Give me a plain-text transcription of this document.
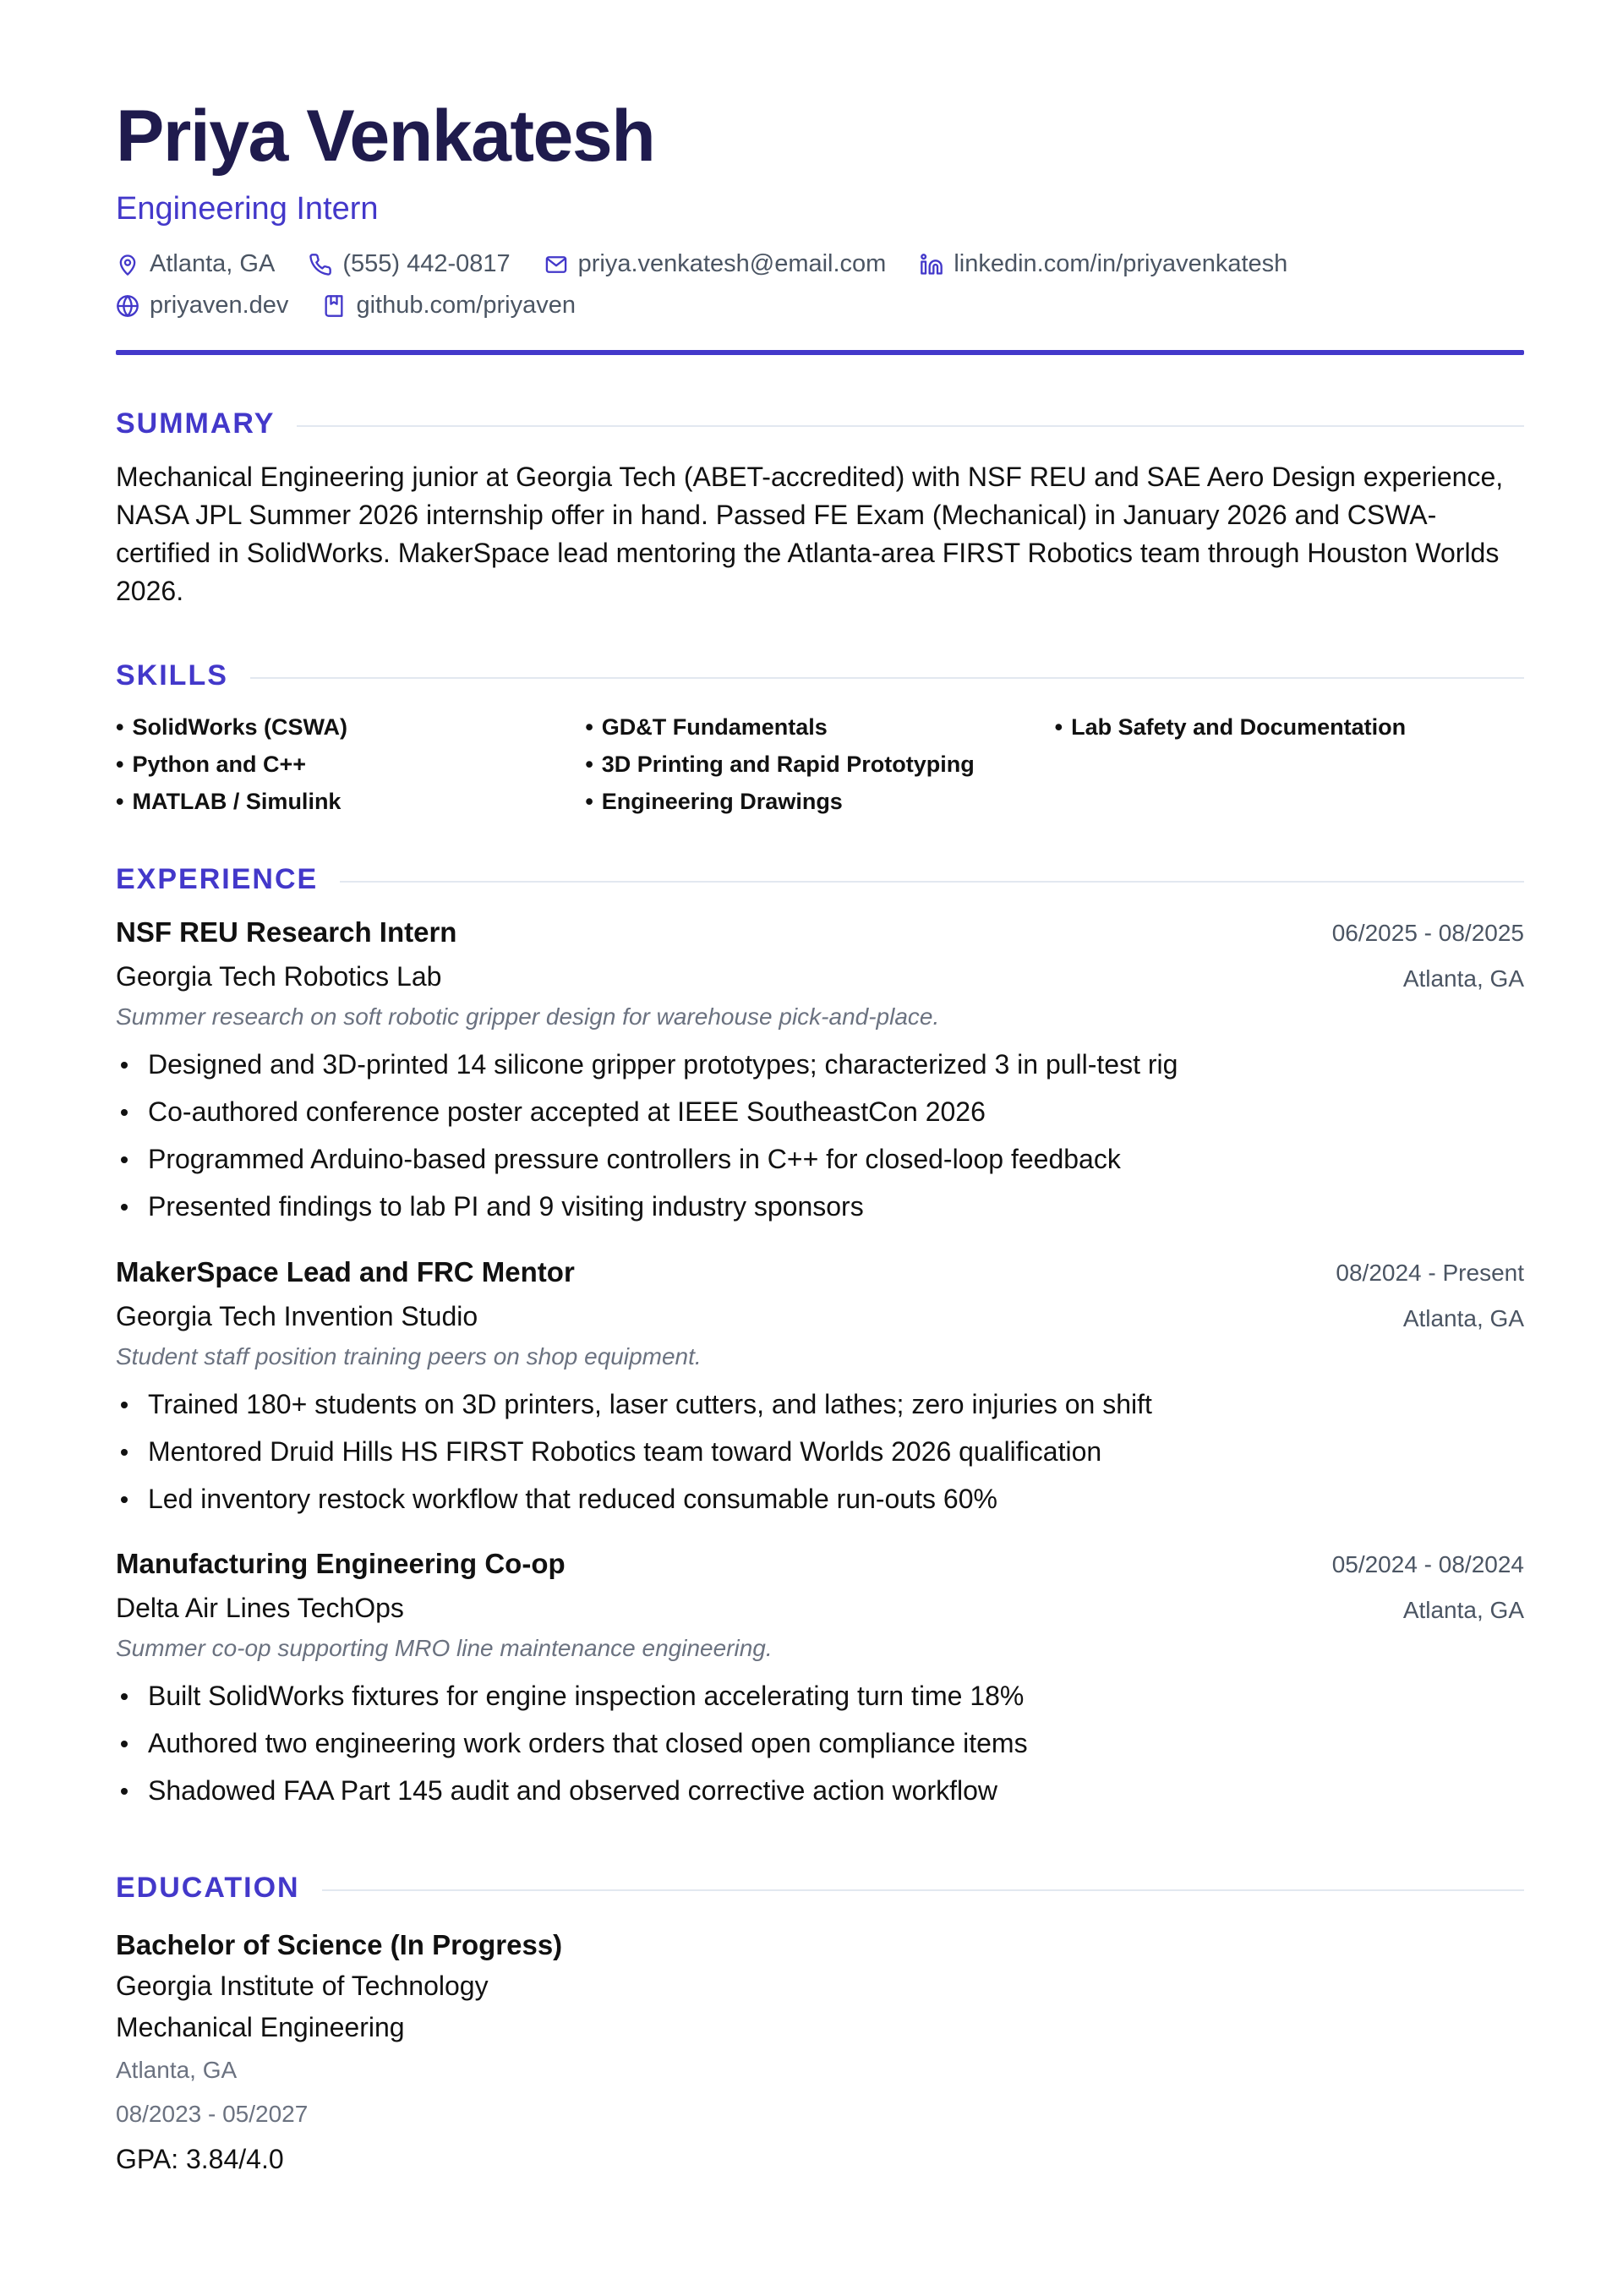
Priya Venkatesh
Engineering Intern
Atlanta, GA	(555) 442-0817	priya.venkatesh@email.com	linkedin.com/in/priyavenkatesh
priyaven.dev	github.com/priyaven
SUMMARY
Mechanical Engineering junior at Georgia Tech (ABET-accredited) with NSF REU and SAE Aero Design experience, NASA JPL Summer 2026 internship offer in hand. Passed FE Exam (Mechanical) in January 2026 and CSWA-certified in SolidWorks. MakerSpace lead mentoring the Atlanta-area FIRST Robotics team through Houston Worlds 2026.
SKILLS
• SolidWorks (CSWA)
• Python and C++
• MATLAB / Simulink
• GD&T Fundamentals
• 3D Printing and Rapid Prototyping
• Engineering Drawings
• Lab Safety and Documentation
EXPERIENCE
NSF REU Research Intern	06/2025 - 08/2025
Georgia Tech Robotics Lab	Atlanta, GA
Summer research on soft robotic gripper design for warehouse pick-and-place.
Designed and 3D-printed 14 silicone gripper prototypes; characterized 3 in pull-test rig
Co-authored conference poster accepted at IEEE SoutheastCon 2026
Programmed Arduino-based pressure controllers in C++ for closed-loop feedback
Presented findings to lab PI and 9 visiting industry sponsors
MakerSpace Lead and FRC Mentor	08/2024 - Present
Georgia Tech Invention Studio	Atlanta, GA
Student staff position training peers on shop equipment.
Trained 180+ students on 3D printers, laser cutters, and lathes; zero injuries on shift
Mentored Druid Hills HS FIRST Robotics team toward Worlds 2026 qualification
Led inventory restock workflow that reduced consumable run-outs 60%
Manufacturing Engineering Co-op	05/2024 - 08/2024
Delta Air Lines TechOps	Atlanta, GA
Summer co-op supporting MRO line maintenance engineering.
Built SolidWorks fixtures for engine inspection accelerating turn time 18%
Authored two engineering work orders that closed open compliance items
Shadowed FAA Part 145 audit and observed corrective action workflow
EDUCATION
Bachelor of Science (In Progress)
Georgia Institute of Technology
Mechanical Engineering
Atlanta, GA
08/2023 - 05/2027
GPA: 3.84/4.0
